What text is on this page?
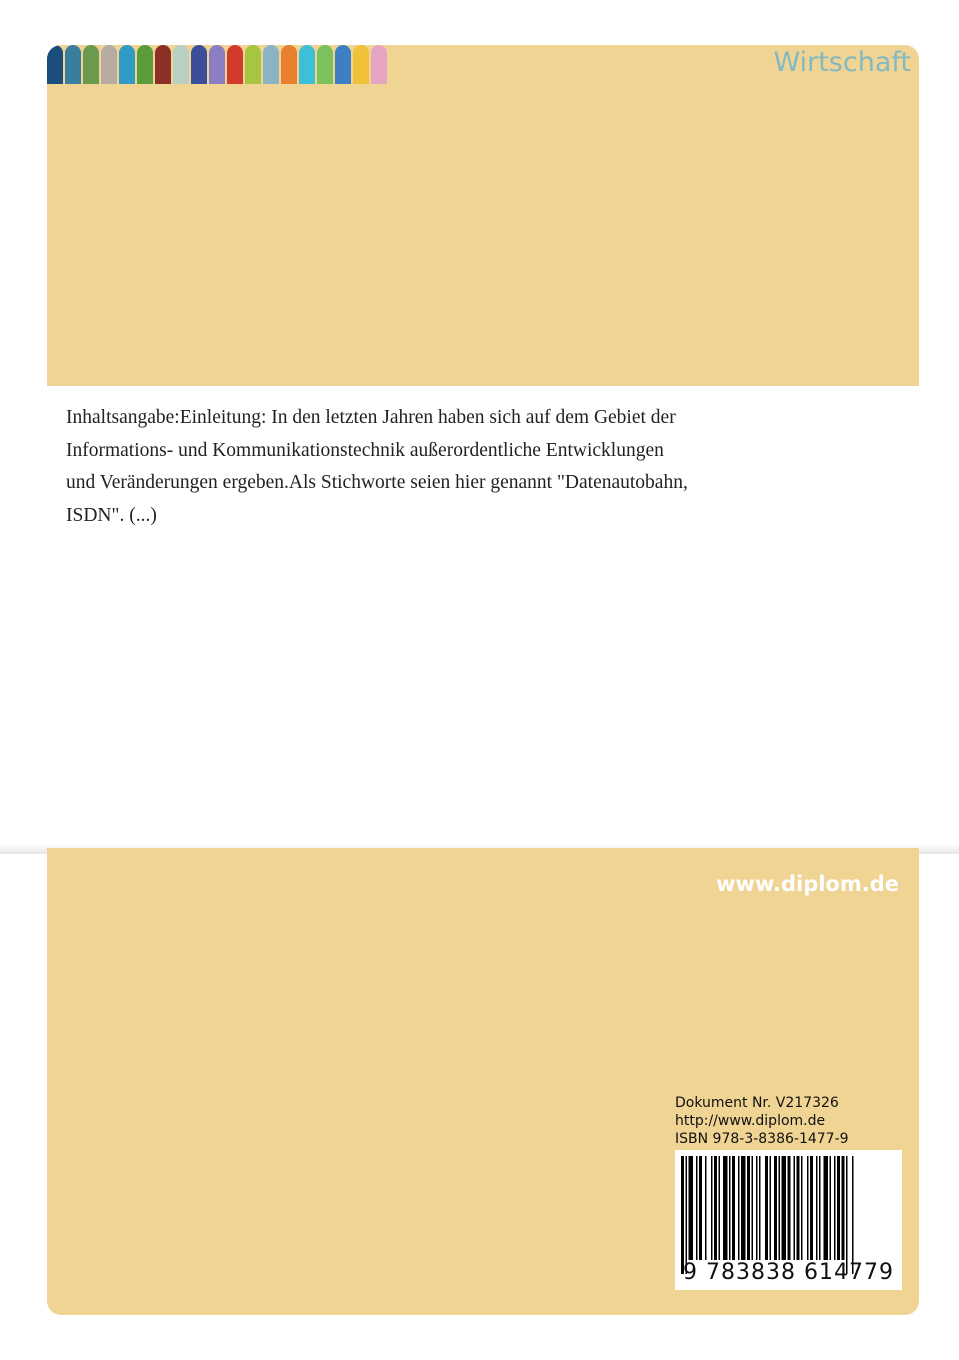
Wirtschaft

Inhaltsangabe:Einleitung: In den letzten Jahren haben sich auf dem Gebiet der

Informations- und Kommunikationstechnik außerordentliche Entwicklungen

und Veränderungen ergeben.Als Stichworte seien hier genannt "Datenautobahn,

ISDN". (...)

www.diplom.de
Dokument Nr. V217326
http://www.diplom.de
ISBN 978-3-8386-1477-9
9 783838 614779
